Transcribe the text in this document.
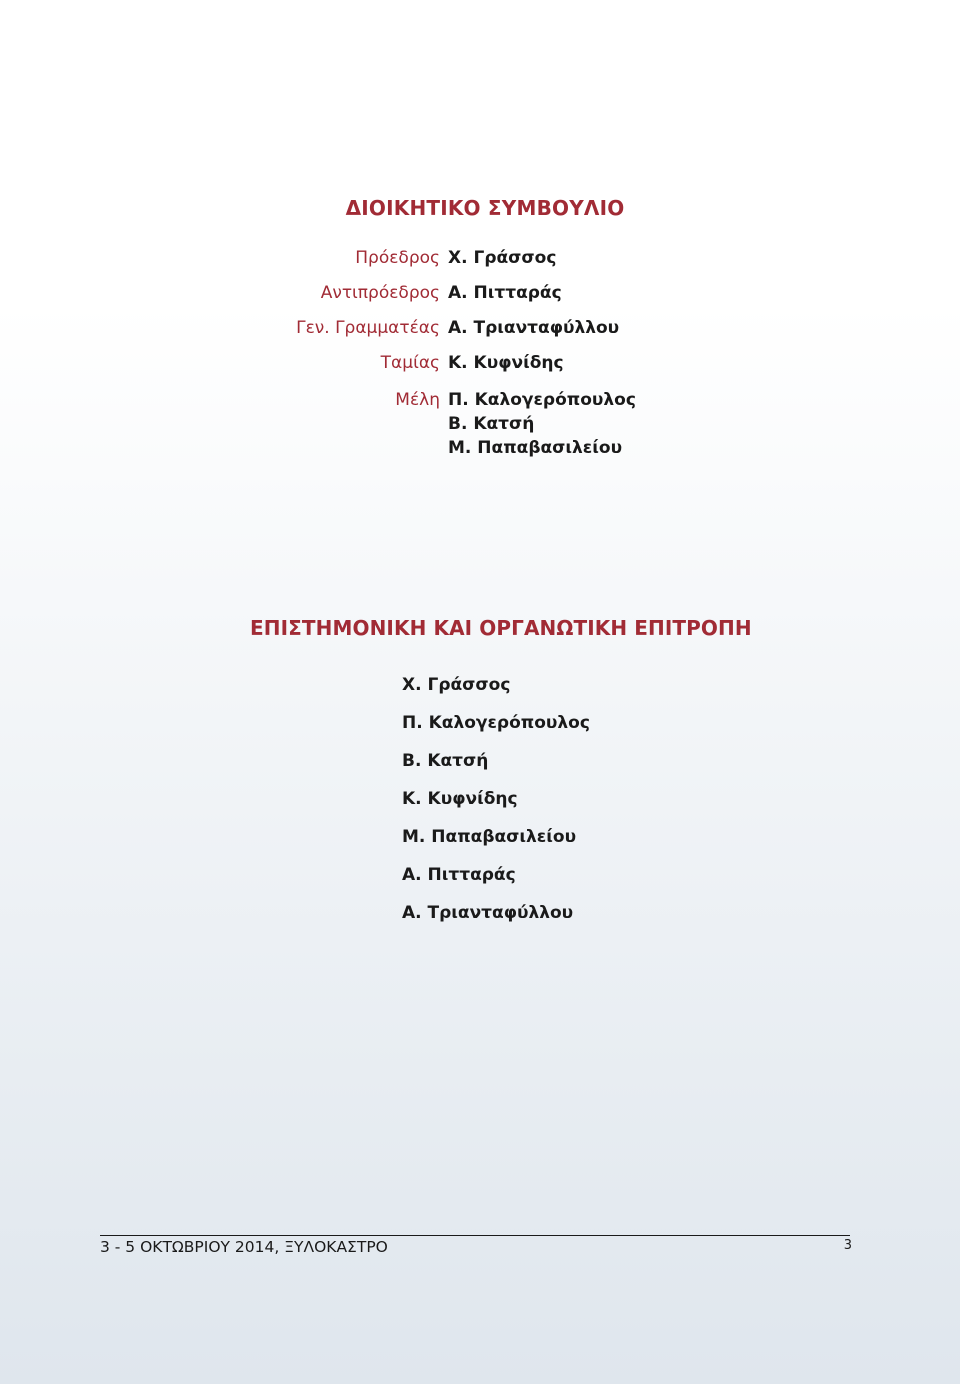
ΔΙΟΙΚΗΤΙΚΟ ΣΥΜΒΟΥΛΙΟ
Πρόεδρος Χ. Γράσσος
Αντιπρόεδρος Α. Πιτταράς
Γεν. Γραμματέας Α. Τριανταφύλλου
Ταμίας Κ. Κυφνίδης
Μέλη Π. Καλογερόπουλος
Β. Κατσή
Μ. Παπαβασιλείου
ΕΠΙΣΤΗΜΟΝΙΚΗ ΚΑΙ ΟΡΓΑΝΩΤΙΚΗ ΕΠΙΤΡΟΠΗ
Χ. Γράσσος
Π. Καλογερόπουλος
Β. Κατσή
Κ. Κυφνίδης
Μ. Παπαβασιλείου
Α. Πιτταράς
Α. Τριανταφύλλου
3 - 5 ΟΚΤΩΒΡΙΟΥ 2014, ΞΥΛΟΚΑΣΤΡΟ	3
